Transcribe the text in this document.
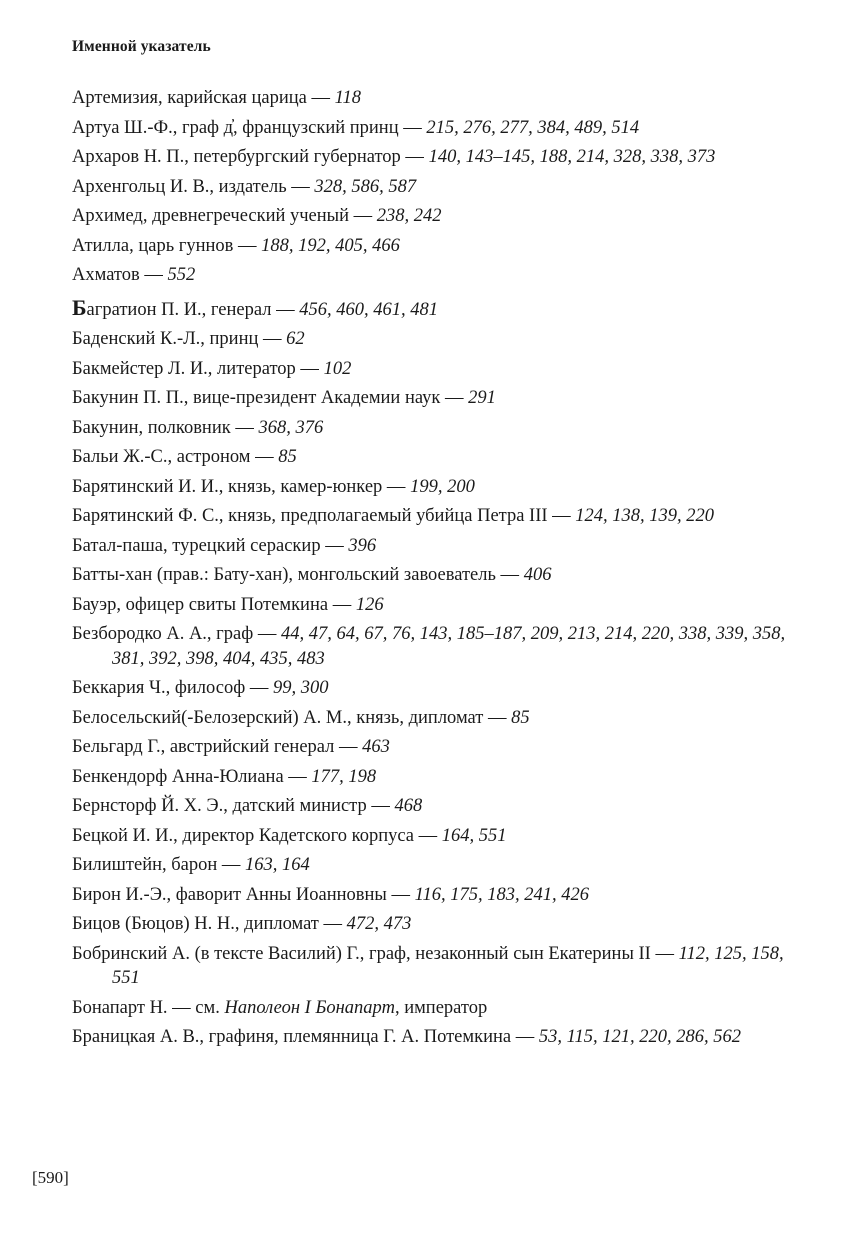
Именной указатель
Артемизия, карийская царица — 118
Артуа Ш.-Ф., граф д̓, французский принц — 215, 276, 277, 384, 489, 514
Архаров Н. П., петербургский губернатор — 140, 143–145, 188, 214, 328, 338, 373
Архенгольц И. В., издатель — 328, 586, 587
Архимед, древнегреческий ученый — 238, 242
Атилла, царь гуннов — 188, 192, 405, 466
Ахматов — 552
Багратион П. И., генерал — 456, 460, 461, 481
Баденский К.-Л., принц — 62
Бакмейстер Л. И., литератор — 102
Бакунин П. П., вице-президент Академии наук — 291
Бакунин, полковник — 368, 376
Бальи Ж.-С., астроном — 85
Барятинский И. И., князь, камер-юнкер — 199, 200
Барятинский Ф. С., князь, предполагаемый убийца Петра III — 124, 138, 139, 220
Батал-паша, турецкий сераскир — 396
Батты-хан (прав.: Бату-хан), монгольский завоеватель — 406
Бауэр, офицер свиты Потемкина — 126
Безбородко А. А., граф — 44, 47, 64, 67, 76, 143, 185–187, 209, 213, 214, 220, 338, 339, 358, 381, 392, 398, 404, 435, 483
Беккария Ч., философ — 99, 300
Белосельский(-Белозерский) А. М., князь, дипломат — 85
Бельгард Г., австрийский генерал — 463
Бенкендорф Анна-Юлиана — 177, 198
Бернсторф Й. Х. Э., датский министр — 468
Бецкой И. И., директор Кадетского корпуса — 164, 551
Билиштейн, барон — 163, 164
Бирон И.-Э., фаворит Анны Иоанновны — 116, 175, 183, 241, 426
Бицов (Бюцов) Н. Н., дипломат — 472, 473
Бобринский А. (в тексте Василий) Г., граф, незаконный сын Екатерины II — 112, 125, 158, 551
Бонапарт Н. — см. Наполеон I Бонапарт, император
Браницкая А. В., графиня, племянница Г. А. Потемкина — 53, 115, 121, 220, 286, 562
[590]
